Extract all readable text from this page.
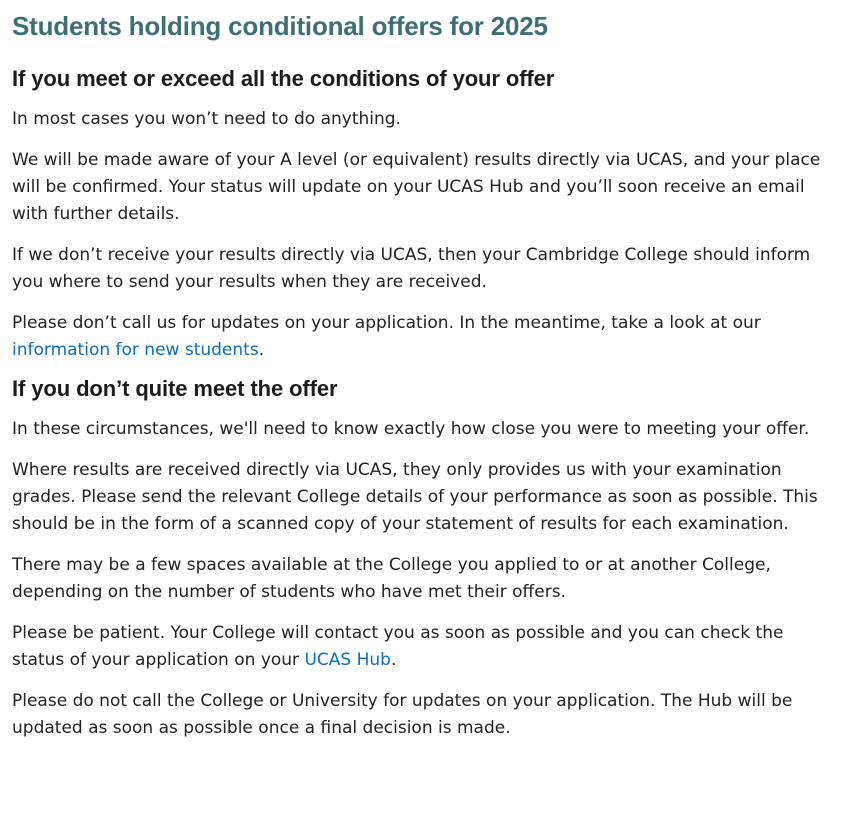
Students holding conditional offers for 2025
If you meet or exceed all the conditions of your offer

In most cases you won’t need to do anything.

We will be made aware of your A level (or equivalent) results directly via UCAS, and your place will be confirmed. Your status will update on your UCAS Hub and you’ll soon receive an email with further details.

If we don’t receive your results directly via UCAS, then your Cambridge College should inform you where to send your results when they are received.

Please don’t call us for updates on your application. In the meantime, take a look at our information for new students.

If you don’t quite meet the offer

In these circumstances, we'll need to know exactly how close you were to meeting your offer.

Where results are received directly via UCAS, they only provides us with your examination grades. Please send the relevant College details of your performance as soon as possible. This should be in the form of a scanned copy of your statement of results for each examination.

There may be a few spaces available at the College you applied to or at another College, depending on the number of students who have met their offers.

Please be patient. Your College will contact you as soon as possible and you can check the status of your application on your UCAS Hub.

Please do not call the College or University for updates on your application. The Hub will be updated as soon as possible once a final decision is made.
